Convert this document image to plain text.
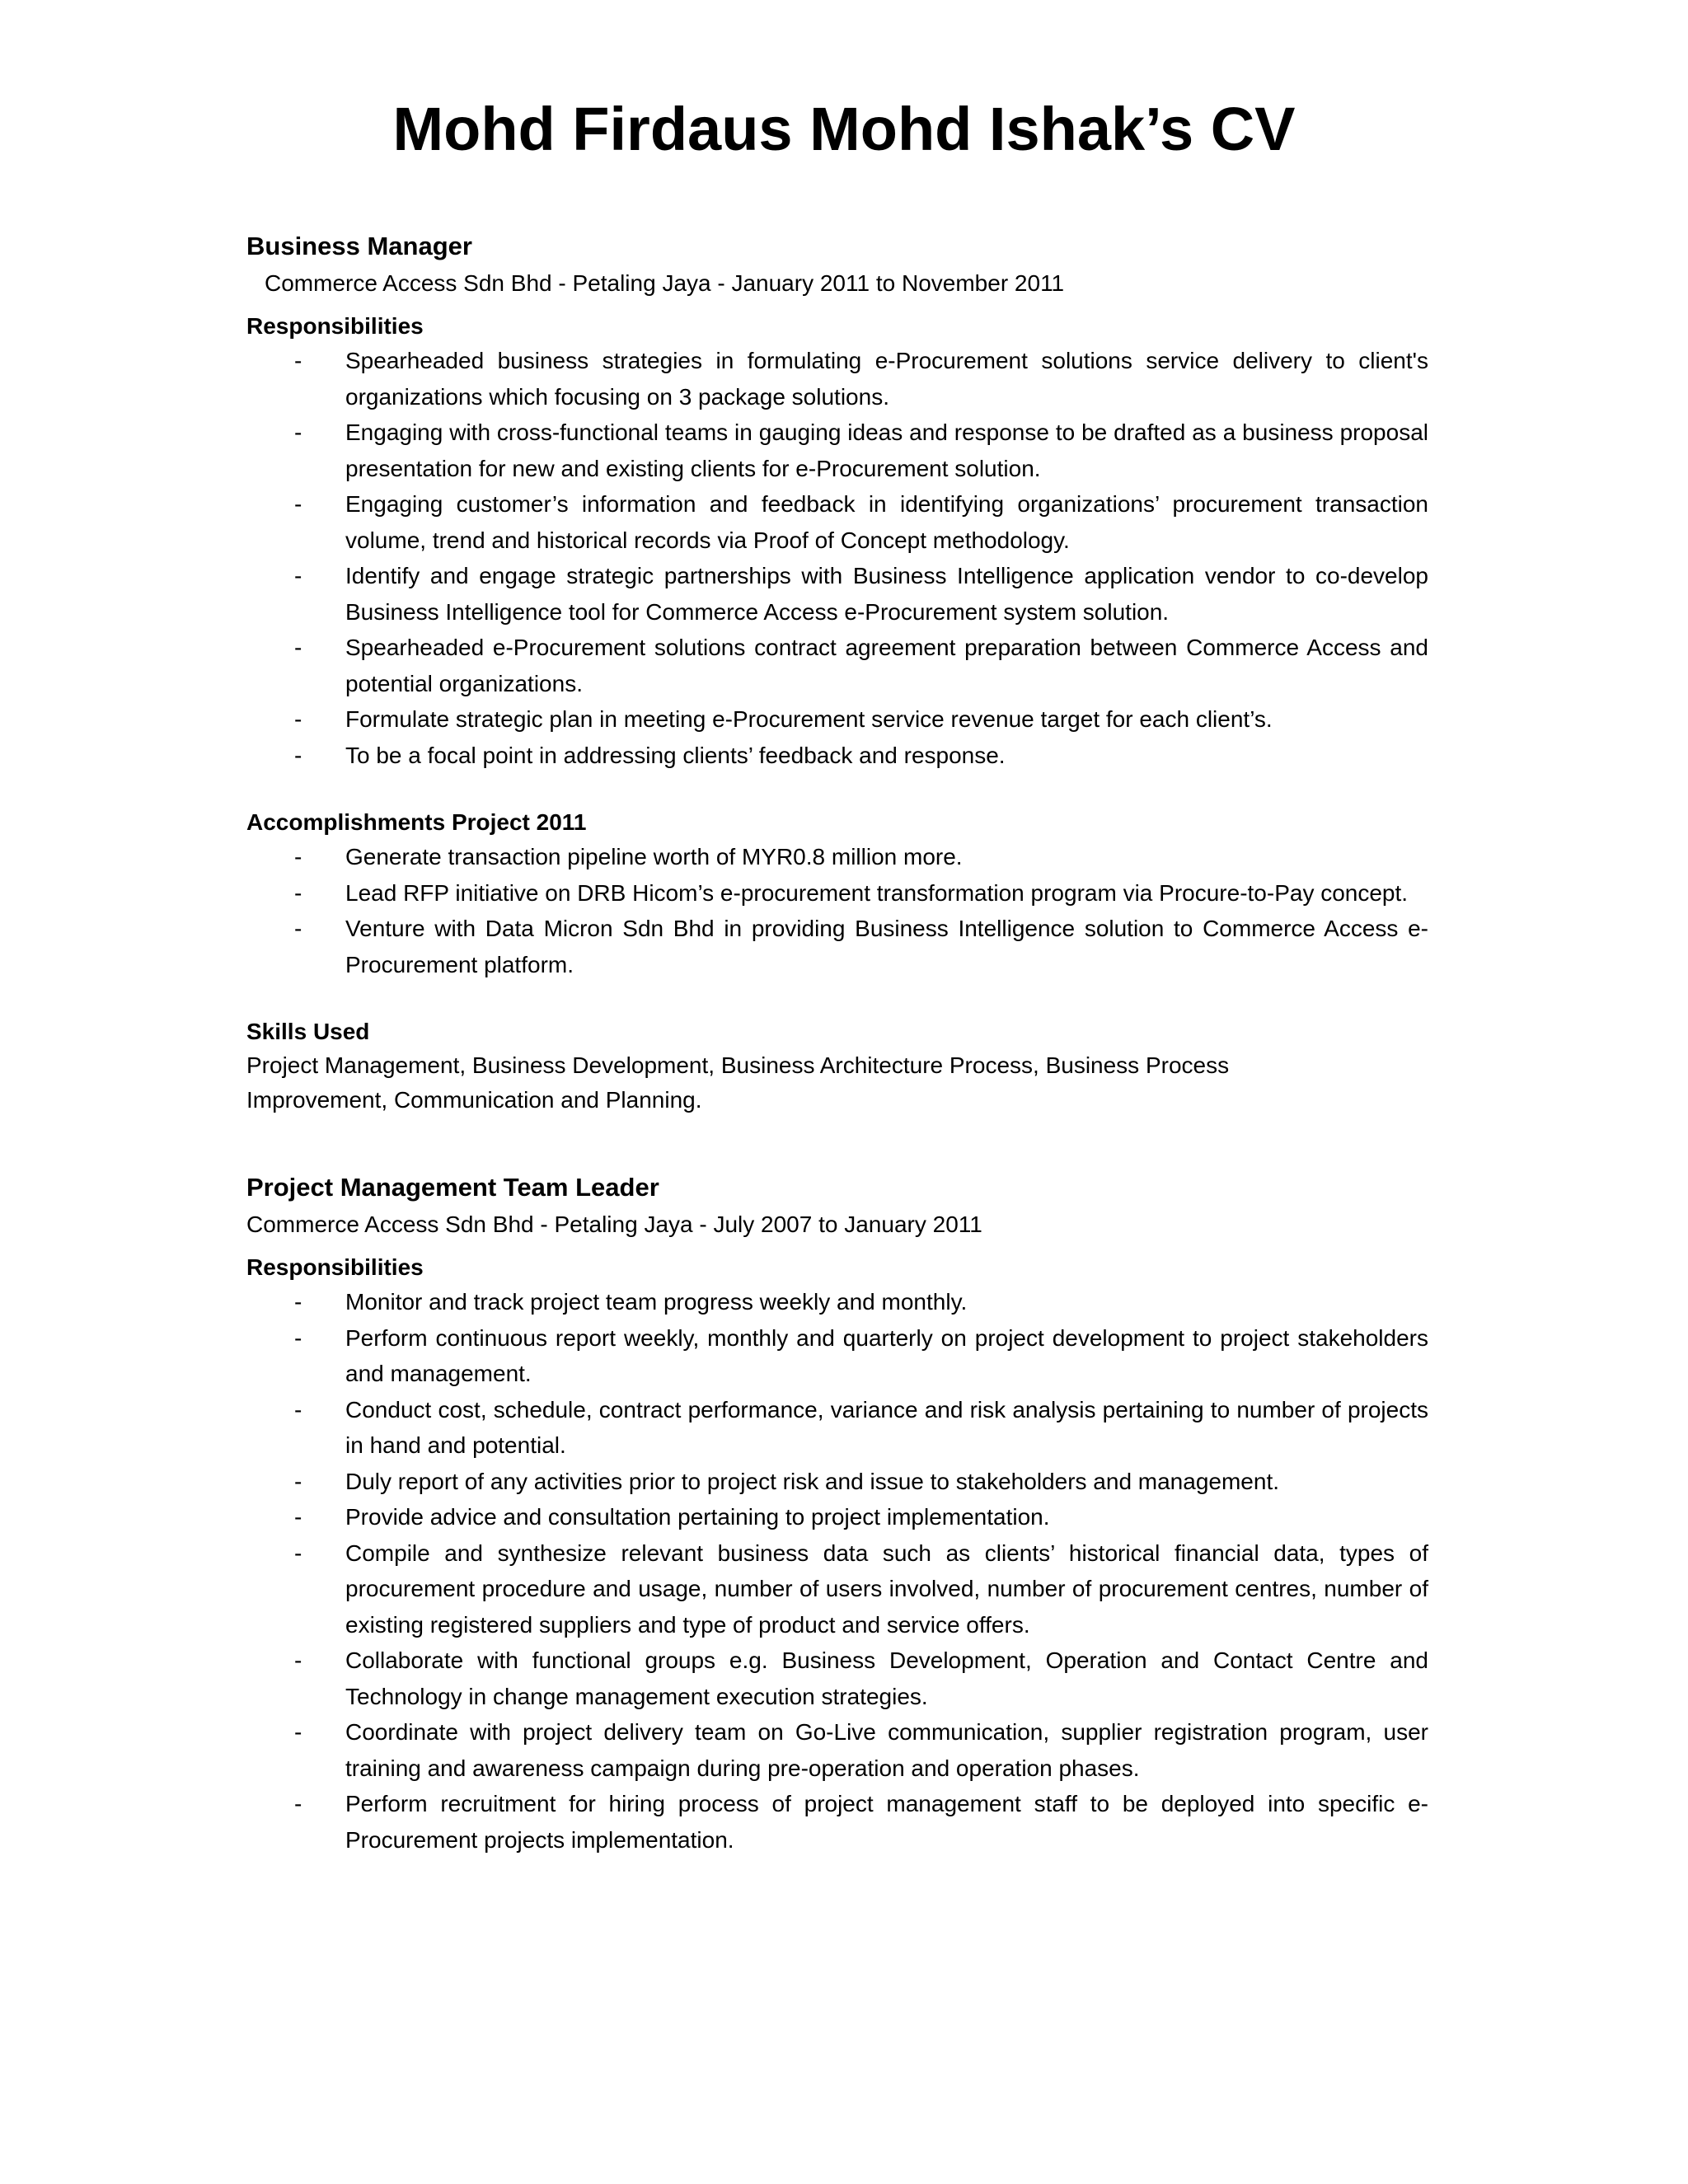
Mohd Firdaus Mohd Ishak’s CV

Business Manager

Commerce Access Sdn Bhd - Petaling Jaya - January 2011 to November 2011

Responsibilities

- Spearheaded business strategies in formulating e-Procurement solutions service delivery to client's organizations which focusing on 3 package solutions.
- Engaging with cross-functional teams in gauging ideas and response to be drafted as a business proposal presentation for new and existing clients for e-Procurement solution.
- Engaging customer’s information and feedback in identifying organizations’ procurement transaction volume, trend and historical records via Proof of Concept methodology.
- Identify and engage strategic partnerships with Business Intelligence application vendor to co-develop Business Intelligence tool for Commerce Access e-Procurement system solution.
- Spearheaded e-Procurement solutions contract agreement preparation between Commerce Access and potential organizations.
- Formulate strategic plan in meeting e-Procurement service revenue target for each client’s.
- To be a focal point in addressing clients’ feedback and response.

Accomplishments Project 2011

- Generate transaction pipeline worth of MYR0.8 million more.
- Lead RFP initiative on DRB Hicom’s e-procurement transformation program via Procure-to-Pay concept.
- Venture with Data Micron Sdn Bhd in providing Business Intelligence solution to Commerce Access e-Procurement platform.

Skills Used

Project Management, Business Development, Business Architecture Process, Business Process Improvement, Communication and Planning.

Project Management Team Leader

Commerce Access Sdn Bhd - Petaling Jaya - July 2007 to January 2011

Responsibilities

- Monitor and track project team progress weekly and monthly.
- Perform continuous report weekly, monthly and quarterly on project development to project stakeholders and management.
- Conduct cost, schedule, contract performance, variance and risk analysis pertaining to number of projects in hand and potential.
- Duly report of any activities prior to project risk and issue to stakeholders and management.
- Provide advice and consultation pertaining to project implementation.
- Compile and synthesize relevant business data such as clients’ historical financial data, types of procurement procedure and usage, number of users involved, number of procurement centres, number of existing registered suppliers and type of product and service offers.
- Collaborate with functional groups e.g. Business Development, Operation and Contact Centre and Technology in change management execution strategies.
- Coordinate with project delivery team on Go-Live communication, supplier registration program, user training and awareness campaign during pre-operation and operation phases.
- Perform recruitment for hiring process of project management staff to be deployed into specific e-Procurement projects implementation.
